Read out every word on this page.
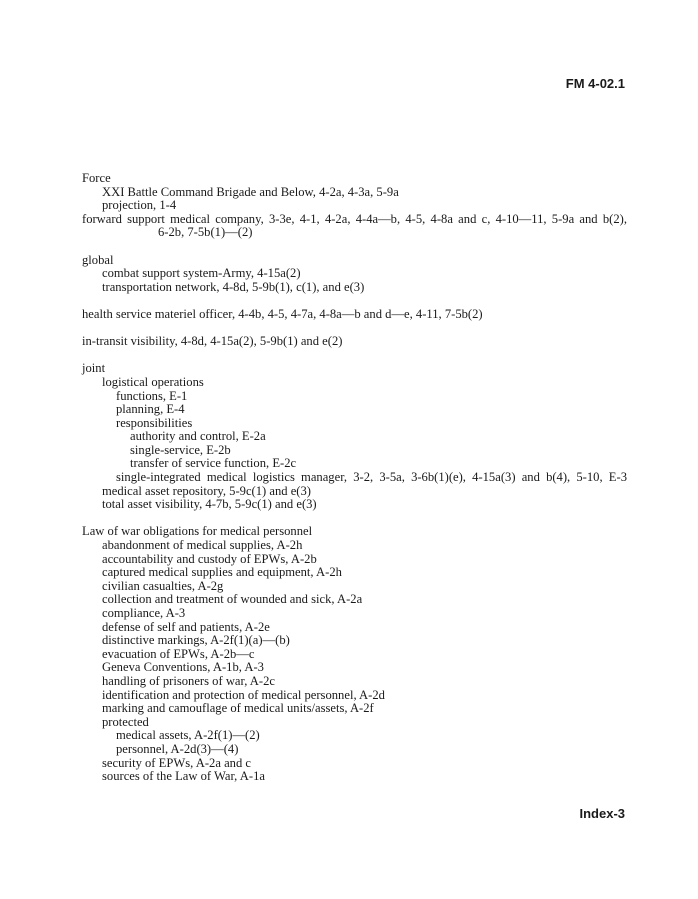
FM 4-02.1
Force
XXI Battle Command Brigade and Below, 4-2a, 4-3a, 5-9a
projection, 1-4
forward support medical company, 3-3e, 4-1, 4-2a, 4-4a—b, 4-5, 4-8a and c, 4-10—11, 5-9a and b(2),
6-2b, 7-5b(1)—(2)
global
combat support system-Army, 4-15a(2)
transportation network, 4-8d, 5-9b(1), c(1), and e(3)
health service materiel officer, 4-4b, 4-5, 4-7a, 4-8a—b and d—e, 4-11, 7-5b(2)
in-transit visibility, 4-8d, 4-15a(2), 5-9b(1) and e(2)
joint
logistical operations
functions, E-1
planning, E-4
responsibilities
authority and control, E-2a
single-service, E-2b
transfer of service function, E-2c
single-integrated medical logistics manager, 3-2, 3-5a, 3-6b(1)(e), 4-15a(3) and b(4), 5-10, E-3
medical asset repository, 5-9c(1) and e(3)
total asset visibility, 4-7b, 5-9c(1) and e(3)
Law of war obligations for medical personnel
abandonment of medical supplies, A-2h
accountability and custody of EPWs, A-2b
captured medical supplies and equipment, A-2h
civilian casualties, A-2g
collection and treatment of wounded and sick, A-2a
compliance, A-3
defense of self and patients, A-2e
distinctive markings, A-2f(1)(a)—(b)
evacuation of EPWs, A-2b—c
Geneva Conventions, A-1b, A-3
handling of prisoners of war, A-2c
identification and protection of medical personnel, A-2d
marking and camouflage of medical units/assets, A-2f
protected
medical assets, A-2f(1)—(2)
personnel, A-2d(3)—(4)
security of EPWs, A-2a and c
sources of the Law of War, A-1a
Index-3
